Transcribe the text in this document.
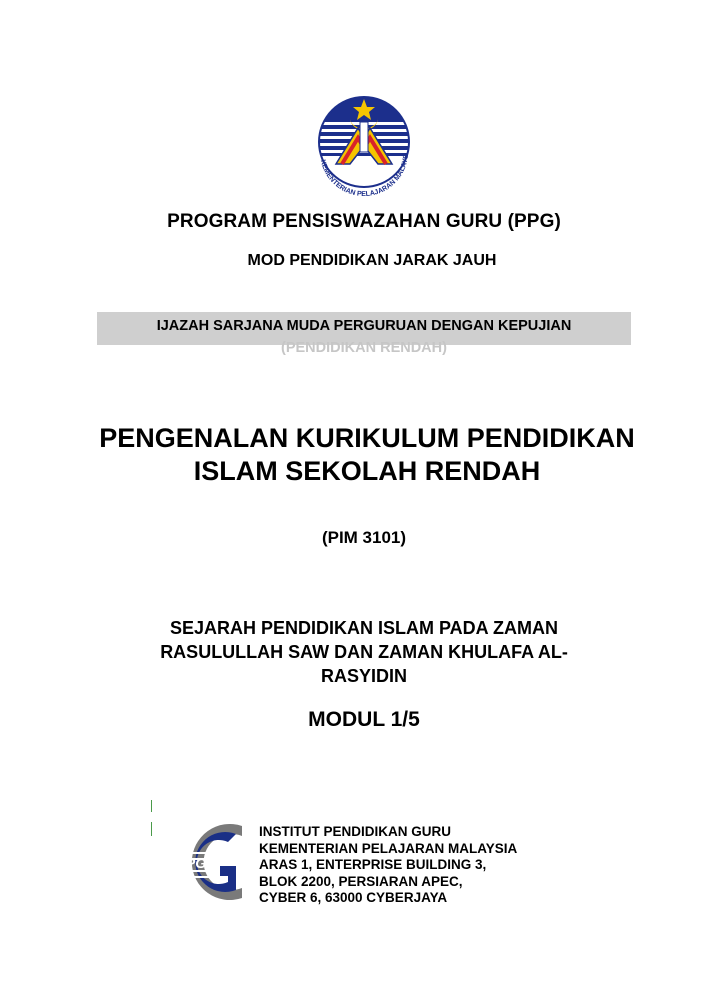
KEMENTERIAN PELAJARAN MALAYSI
PROGRAM PENSISWAZAHAN GURU (PPG)
MOD PENDIDIKAN JARAK JAUH
IJAZAH SARJANA MUDA PERGURUAN DENGAN KEPUJIAN
(PENDIDIKAN RENDAH)
PENGENALAN KURIKULUM PENDIDIKAN
ISLAM SEKOLAH RENDAH
(PIM 3101)
SEJARAH PENDIDIKAN ISLAM PADA ZAMAN
RASULULLAH SAW DAN ZAMAN KHULAFA AL-
RASYIDIN
MODUL 1/5
iPG
INSTITUT PENDIDIKAN GURU
KEMENTERIAN PELAJARAN MALAYSIA
ARAS 1, ENTERPRISE BUILDING 3,
BLOK 2200, PERSIARAN APEC,
CYBER 6, 63000 CYBERJAYA
